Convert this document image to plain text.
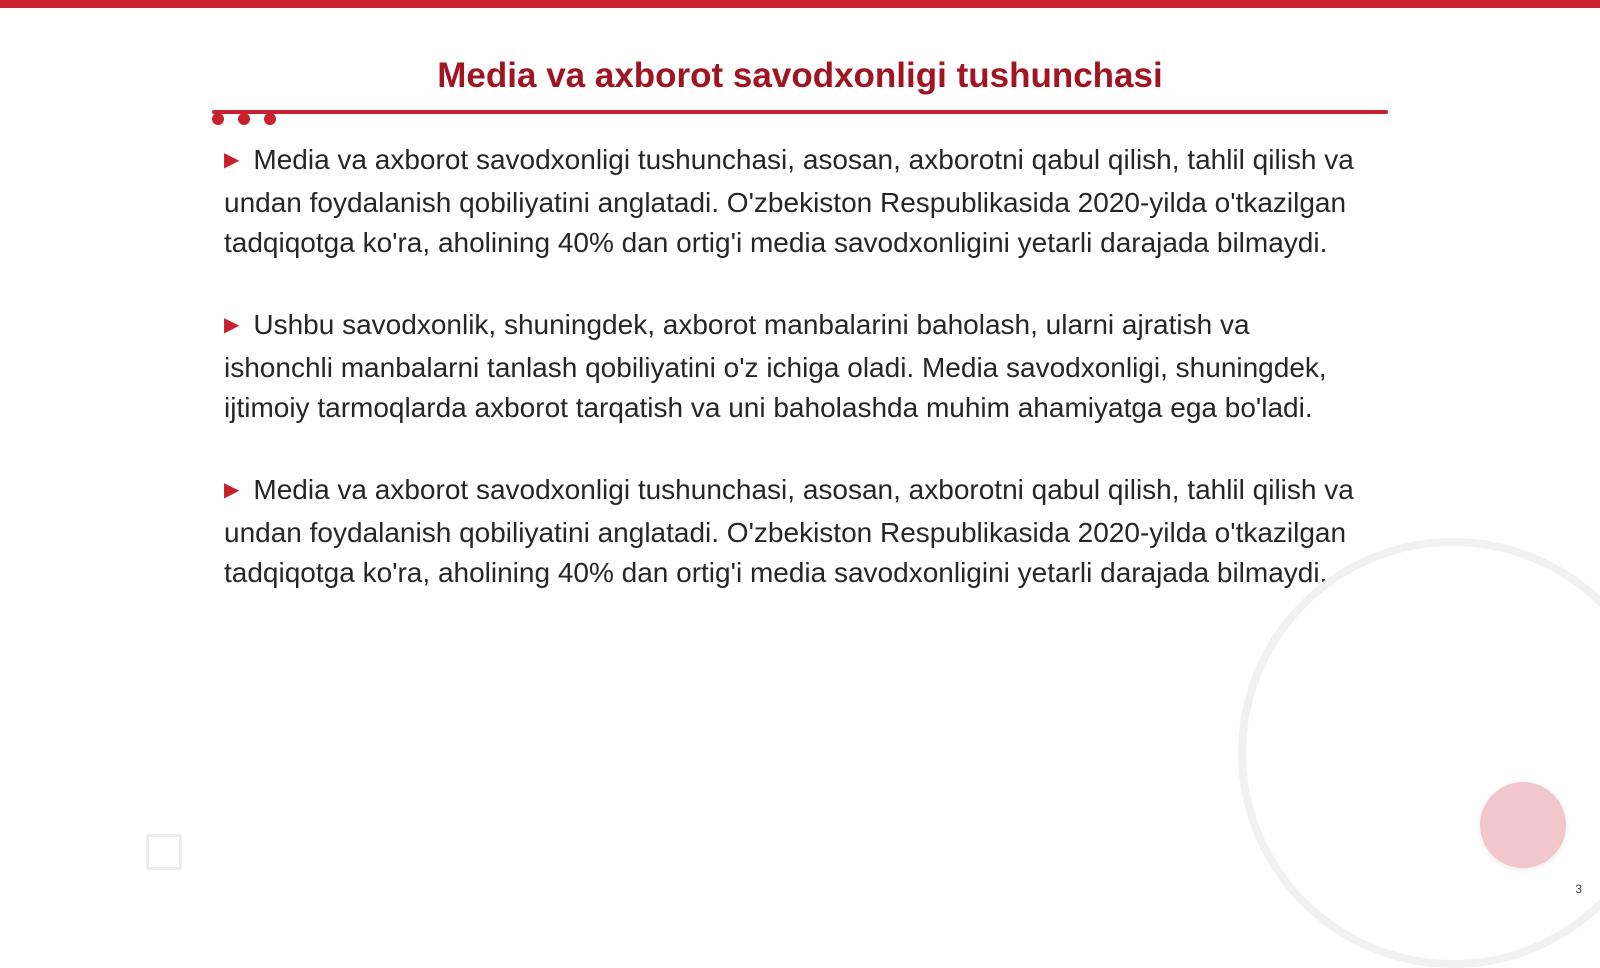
Media va axborot savodxonligi tushunchasi

▶ Media va axborot savodxonligi tushunchasi, asosan, axborotni qabul qilish, tahlil qilish va undan foydalanish qobiliyatini anglatadi. O'zbekiston Respublikasida 2020-yilda o'tkazilgan tadqiqotga ko'ra, aholining 40% dan ortig'i media savodxonligini yetarli darajada bilmaydi.

▶ Ushbu savodxonlik, shuningdek, axborot manbalarini baholash, ularni ajratish va ishonchli manbalarni tanlash qobiliyatini o'z ichiga oladi. Media savodxonligi, shuningdek, ijtimoiy tarmoqlarda axborot tarqatish va uni baholashda muhim ahamiyatga ega bo'ladi.

▶ Media va axborot savodxonligi tushunchasi, asosan, axborotni qabul qilish, tahlil qilish va undan foydalanish qobiliyatini anglatadi. O'zbekiston Respublikasida 2020-yilda o'tkazilgan tadqiqotga ko'ra, aholining 40% dan ortig'i media savodxonligini yetarli darajada bilmaydi.

3
